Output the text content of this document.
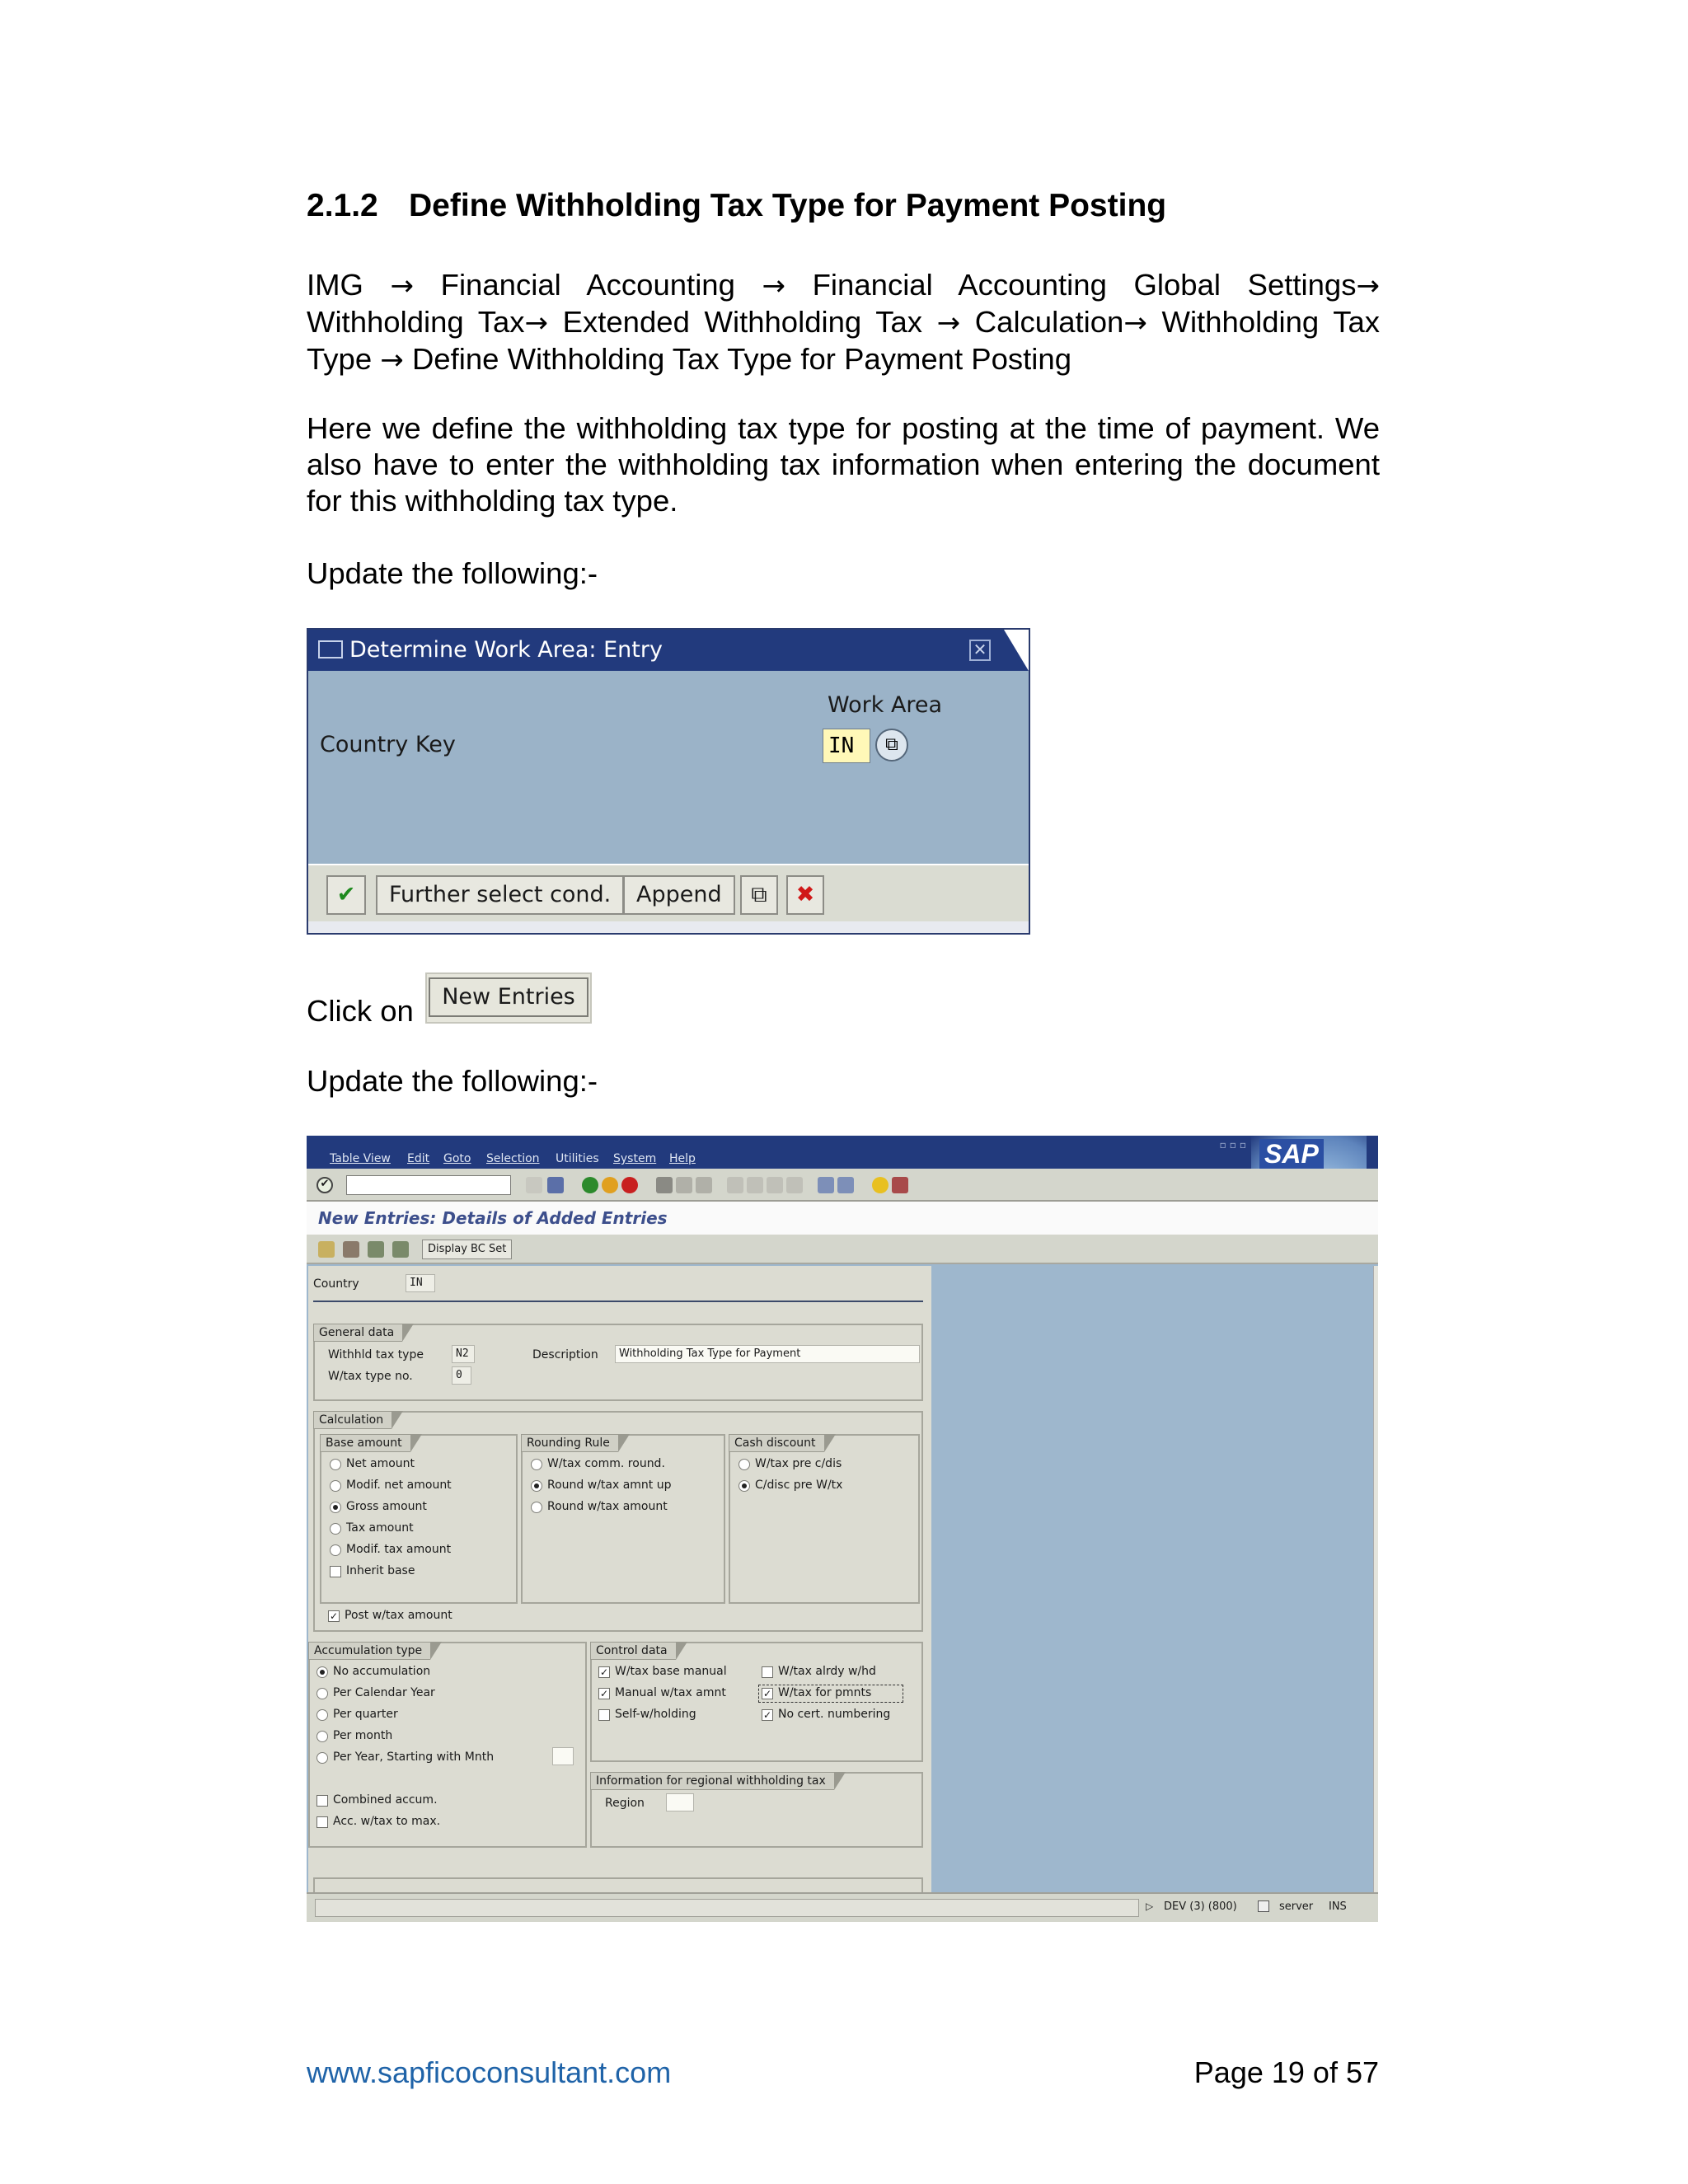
2.1.2 Define Withholding Tax Type for Payment Posting
IMG → Financial Accounting → Financial Accounting Global Settings→ Withholding Tax→ Extended Withholding Tax → Calculation→ Withholding Tax Type → Define Withholding Tax Type for Payment Posting
Here we define the withholding tax type for posting at the time of payment. We also have to enter the withholding tax information when entering the document for this withholding tax type.
Update the following:-
Determine Work Area: Entry	✕
Work Area
Country Key	IN	⧉
✔	Further select cond.	Append	⧉	✖
Click on	New Entries
Update the following:-
Table View Edit Goto Selection Utilities System Help
▫▫▫ SAP
✔
New Entries: Details of Added Entries
Display BC Set
Country	IN
General data
Withhld tax type	N2
W/tax type no.	0
Description	Withholding Tax Type for Payment
Calculation
Base amount
Net amount
Modif. net amount
Gross amount
Tax amount
Modif. tax amount
Inherit base
Rounding Rule
W/tax comm. round.
Round w/tax amnt up
Round w/tax amount
Cash discount
W/tax pre c/dis
C/disc pre W/tx
✓ Post w/tax amount
Accumulation type
No accumulation
Per Calendar Year
Per quarter
Per month
Per Year, Starting with Mnth
Combined accum.
Acc. w/tax to max.
Control data
✓ W/tax base manual
✓ Manual w/tax amnt
Self-w/holding
W/tax alrdy w/hd
✓ W/tax for pmnts
✓ No cert. numbering
Information for regional withholding tax
Region
▷ DEV (3) (800)	server INS
www.sapficoconsultant.com	Page 19 of 57
